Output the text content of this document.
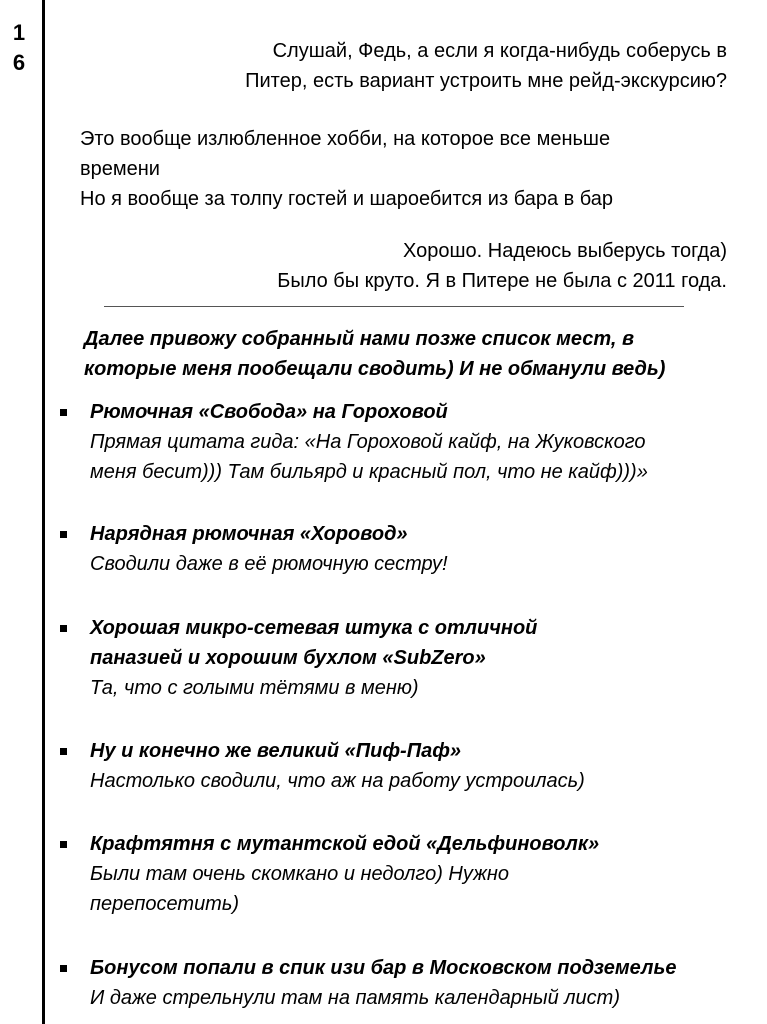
1
6	Слушай, Федь, а если я когда-нибудь соберусь в
Питер, есть вариант устроить мне рейд-экскурсию?
Это вообще излюбленное хобби, на которое все меньше
времени
Но я вообще за толпу гостей и шароебится из бара в бар
Хорошо. Надеюсь выберусь тогда)
Было бы круто. Я в Питере не была с 2011 года.
Далее привожу собранный нами позже список мест, в
которые меня пообещали сводить) И не обманули ведь)
Рюмочная «Свобода» на Гороховой
Прямая цитата гида: «На Гороховой кайф, на Жуковского
меня бесит))) Там бильярд и красный пол, что не кайф)))»
Нарядная рюмочная «Хоровод»
Сводили даже в её рюмочную сестру!
Хорошая микро-сетевая штука с отличной
паназией и хорошим бухлом «SubZero»
Та, что с голыми тётями в меню)
Ну и конечно же великий «Пиф-Паф»
Настолько сводили, что аж на работу устроилась)
Крафтятня с мутантской едой «Дельфиноволк»
Были там очень скомкано и недолго) Нужно
перепосетить)
Бонусом попали в спик изи бар в Московском подземелье
И даже стрельнули там на память календарный лист)
